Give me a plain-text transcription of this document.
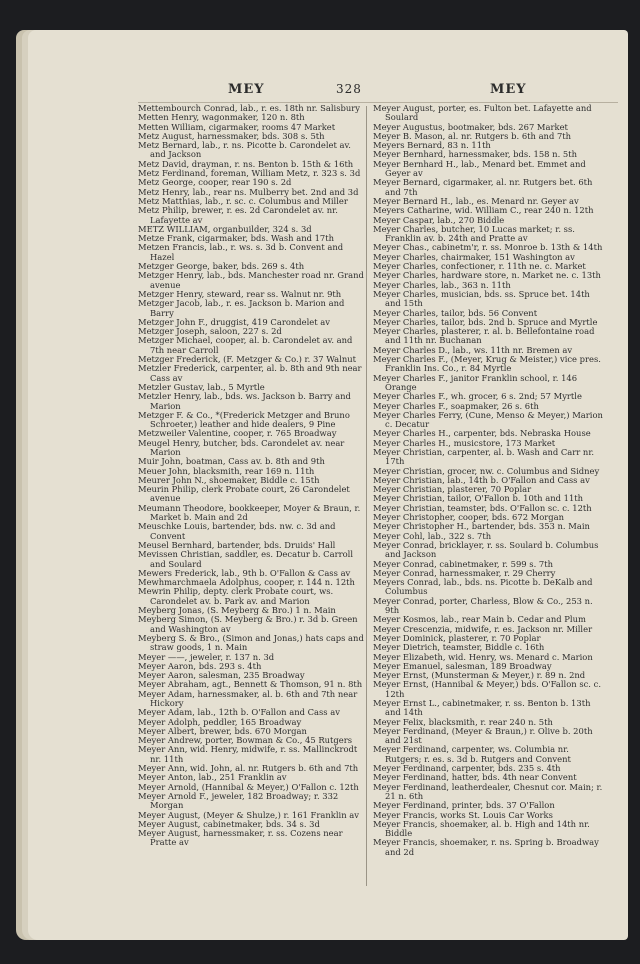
MEY	328	MEY

Mettembourch Conrad, lab., r. es. 18th nr. Salisbury

Metten Henry, wagonmaker, 120 n. 8th

Metten William, cigarmaker, rooms 47 Market

Metz August, harnessmaker, bds. 308 s. 5th

Metz Bernard, lab., r. ns. Picotte b. Carondelet av. and Jackson

Metz David, drayman, r. ns. Benton b. 15th & 16th

Metz Ferdinand, foreman, William Metz, r. 323 s. 3d

Metz George, cooper, rear 190 s. 2d

Metz Henry, lab., rear ns. Mulberry bet. 2nd and 3d

Metz Matthias, lab., r. sc. c. Columbus and Miller

Metz Philip, brewer, r. es. 2d Carondelet av. nr. Lafayette av

METZ WILLIAM, organbuilder, 324 s. 3d

Metze Frank, cigarmaker, bds. Wash and 17th

Metzen Francis, lab., r. ws. s. 3d b. Convent and Hazel

Metzger George, baker, bds. 269 s. 4th

Metzger Henry, lab., bds. Manchester road nr. Grand avenue

Metzger Henry, steward, rear ss. Walnut nr. 9th

Metzger Jacob, lab., r. es. Jackson b. Marion and Barry

Metzger John F., druggist, 419 Carondelet av

Metzger Joseph, saloon, 227 s. 2d

Metzger Michael, cooper, al. b. Carondelet av. and 7th near Carroll

Metzger Frederick, (F. Metzger & Co.) r. 37 Walnut

Metzler Frederick, carpenter, al. b. 8th and 9th near Cass av

Metzler Gustav, lab., 5 Myrtle

Metzler Henry, lab., bds. ws. Jackson b. Barry and Marion

Metzger F. & Co., *(Frederick Metzger and Bruno Schroeter,) leather and hide dealers, 9 Pine

Metzweiler Valentine, cooper, r. 765 Broadway

Meugel Henry, butcher, bds. Carondelet av. near Marion

Muir John, boatman, Cass av. b. 8th and 9th

Meuer John, blacksmith, rear 169 n. 11th

Meurer John N., shoemaker, Biddle c. 15th

Meurin Philip, clerk Probate court, 26 Carondelet avenue

Meumann Theodore, bookkeeper, Moyer & Braun, r. Market b. Main and 2d

Meuschke Louis, bartender, bds. nw. c. 3d and Convent

Meusel Bernhard, bartender, bds. Druids' Hall

Mevissen Christian, saddler, es. Decatur b. Carroll and Soulard

Mewers Frederick, lab., 9th b. O'Fallon & Cass av

Mewhmarchmaela Adolphus, cooper, r. 144 n. 12th

Mewrin Philip, depty. clerk Probate court, ws. Carondelet av. b. Park av. and Marion

Meyberg Jonas, (S. Meyberg & Bro.) 1 n. Main

Meyberg Simon, (S. Meyberg & Bro.) r. 3d b. Green and Washington av

Meyberg S. & Bro., (Simon and Jonas,) hats caps and straw goods, 1 n. Main

Meyer ——, jeweler, r. 137 n. 3d

Meyer Aaron, bds. 293 s. 4th

Meyer Aaron, salesman, 235 Broadway

Meyer Abraham, agt., Bennett & Thomson, 91 n. 8th

Meyer Adam, harnessmaker, al. b. 6th and 7th near Hickory

Meyer Adam, lab., 12th b. O'Fallon and Cass av

Meyer Adolph, peddler, 165 Broadway

Meyer Albert, brewer, bds. 670 Morgan

Meyer Andrew, porter, Bowman & Co., 45 Rutgers

Meyer Ann, wid. Henry, midwife, r. ss. Mallinckrodt nr. 11th

Meyer Ann, wid. John, al. nr. Rutgers b. 6th and 7th

Meyer Anton, lab., 251 Franklin av

Meyer Arnold, (Hannibal & Meyer,) O'Fallon c. 12th

Meyer Arnold F., jeweler, 182 Broadway; r. 332 Morgan

Meyer August, (Meyer & Shulze,) r. 161 Franklin av

Meyer August, cabinetmaker, bds. 34 s. 3d

Meyer August, harnessmaker, r. ss. Cozens near Pratte av

Meyer August, porter, es. Fulton bet. Lafayette and Soulard

Meyer Augustus, bootmaker, bds. 267 Market

Meyer B. Mason, al. nr. Rutgers b. 6th and 7th

Meyers Bernard, 83 n. 11th

Meyer Bernhard, harnessmaker, bds. 158 n. 5th

Meyer Bernhard H., lab., Menard bet. Emmet and Geyer av

Meyer Bernard, cigarmaker, al. nr. Rutgers bet. 6th and 7th

Meyer Bernard H., lab., es. Menard nr. Geyer av

Meyers Catharine, wid. William C., rear 240 n. 12th

Meyer Caspar, lab., 270 Biddle

Meyer Charles, butcher, 10 Lucas market; r. ss. Franklin av. b. 24th and Pratte av

Meyer Chas., cabinetm'r, r. ss. Monroe b. 13th & 14th

Meyer Charles, chairmaker, 151 Washington av

Meyer Charles, confectioner, r. 11th ne. c. Market

Meyer Charles, hardware store, n. Market ne. c. 13th

Meyer Charles, lab., 363 n. 11th

Meyer Charles, musician, bds. ss. Spruce bet. 14th and 15th

Meyer Charles, tailor, bds. 56 Convent

Meyer Charles, tailor, bds. 2nd b. Spruce and Myrtle

Meyer Charles, plasterer, r. al. b. Bellefontaine road and 11th nr. Buchanan

Meyer Charles D., lab., ws. 11th nr. Bremen av

Meyer Charles F., (Meyer, Krug & Meister,) vice pres. Franklin Ins. Co., r. 84 Myrtle

Meyer Charles F., janitor Franklin school, r. 146 Orange

Meyer Charles F., wh. grocer, 6 s. 2nd; 57 Myrtle

Meyer Charles F., soapmaker, 26 s. 6th

Meyer Charles Ferry, (Cune, Menso & Meyer,) Marion c. Decatur

Meyer Charles H., carpenter, bds. Nebraska House

Meyer Charles H., musicstore, 173 Market

Meyer Christian, carpenter, al. b. Wash and Carr nr. 17th

Meyer Christian, grocer, nw. c. Columbus and Sidney

Meyer Christian, lab., 14th b. O'Fallon and Cass av

Meyer Christian, plasterer, 70 Poplar

Meyer Christian, tailor, O'Fallon b. 10th and 11th

Meyer Christian, teamster, bds. O'Fallon sc. c. 12th

Meyer Christopher, cooper, bds. 672 Morgan

Meyer Christopher H., bartender, bds. 353 n. Main

Meyer Cohl, lab., 322 s. 7th

Meyer Conrad, bricklayer, r. ss. Soulard b. Columbus and Jackson

Meyer Conrad, cabinetmaker, r. 599 s. 7th

Meyer Conrad, harnessmaker, r. 29 Cherry

Meyers Conrad, lab., bds. ns. Picotte b. DeKalb and Columbus

Meyer Conrad, porter, Charless, Blow & Co., 253 n. 9th

Meyer Kosmos, lab., rear Main b. Cedar and Plum

Meyer Crescenzia, midwife, r. es. Jackson nr. Miller

Meyer Dominick, plasterer, r. 70 Poplar

Meyer Dietrich, teamster, Biddle c. 16th

Meyer Elizabeth, wid. Henry, ws. Menard c. Marion

Meyer Emanuel, salesman, 189 Broadway

Meyer Ernst, (Munsterman & Meyer,) r. 89 n. 2nd

Meyer Ernst, (Hannibal & Meyer,) bds. O'Fallon sc. c. 12th

Meyer Ernst L., cabinetmaker, r. ss. Benton b. 13th and 14th

Meyer Felix, blacksmith, r. rear 240 n. 5th

Meyer Ferdinand, (Meyer & Braun,) r. Olive b. 20th and 21st

Meyer Ferdinand, carpenter, ws. Columbia nr. Rutgers; r. es. s. 3d b. Rutgers and Convent

Meyer Ferdinand, carpenter, bds. 235 s. 4th

Meyer Ferdinand, hatter, bds. 4th near Convent

Meyer Ferdinand, leatherdealer, Chesnut cor. Main; r. 21 n. 6th

Meyer Ferdinand, printer, bds. 37 O'Fallon

Meyer Francis, works St. Louis Car Works

Meyer Francis, shoemaker, al. b. High and 14th nr. Biddle

Meyer Francis, shoemaker, r. ns. Spring b. Broadway and 2d
